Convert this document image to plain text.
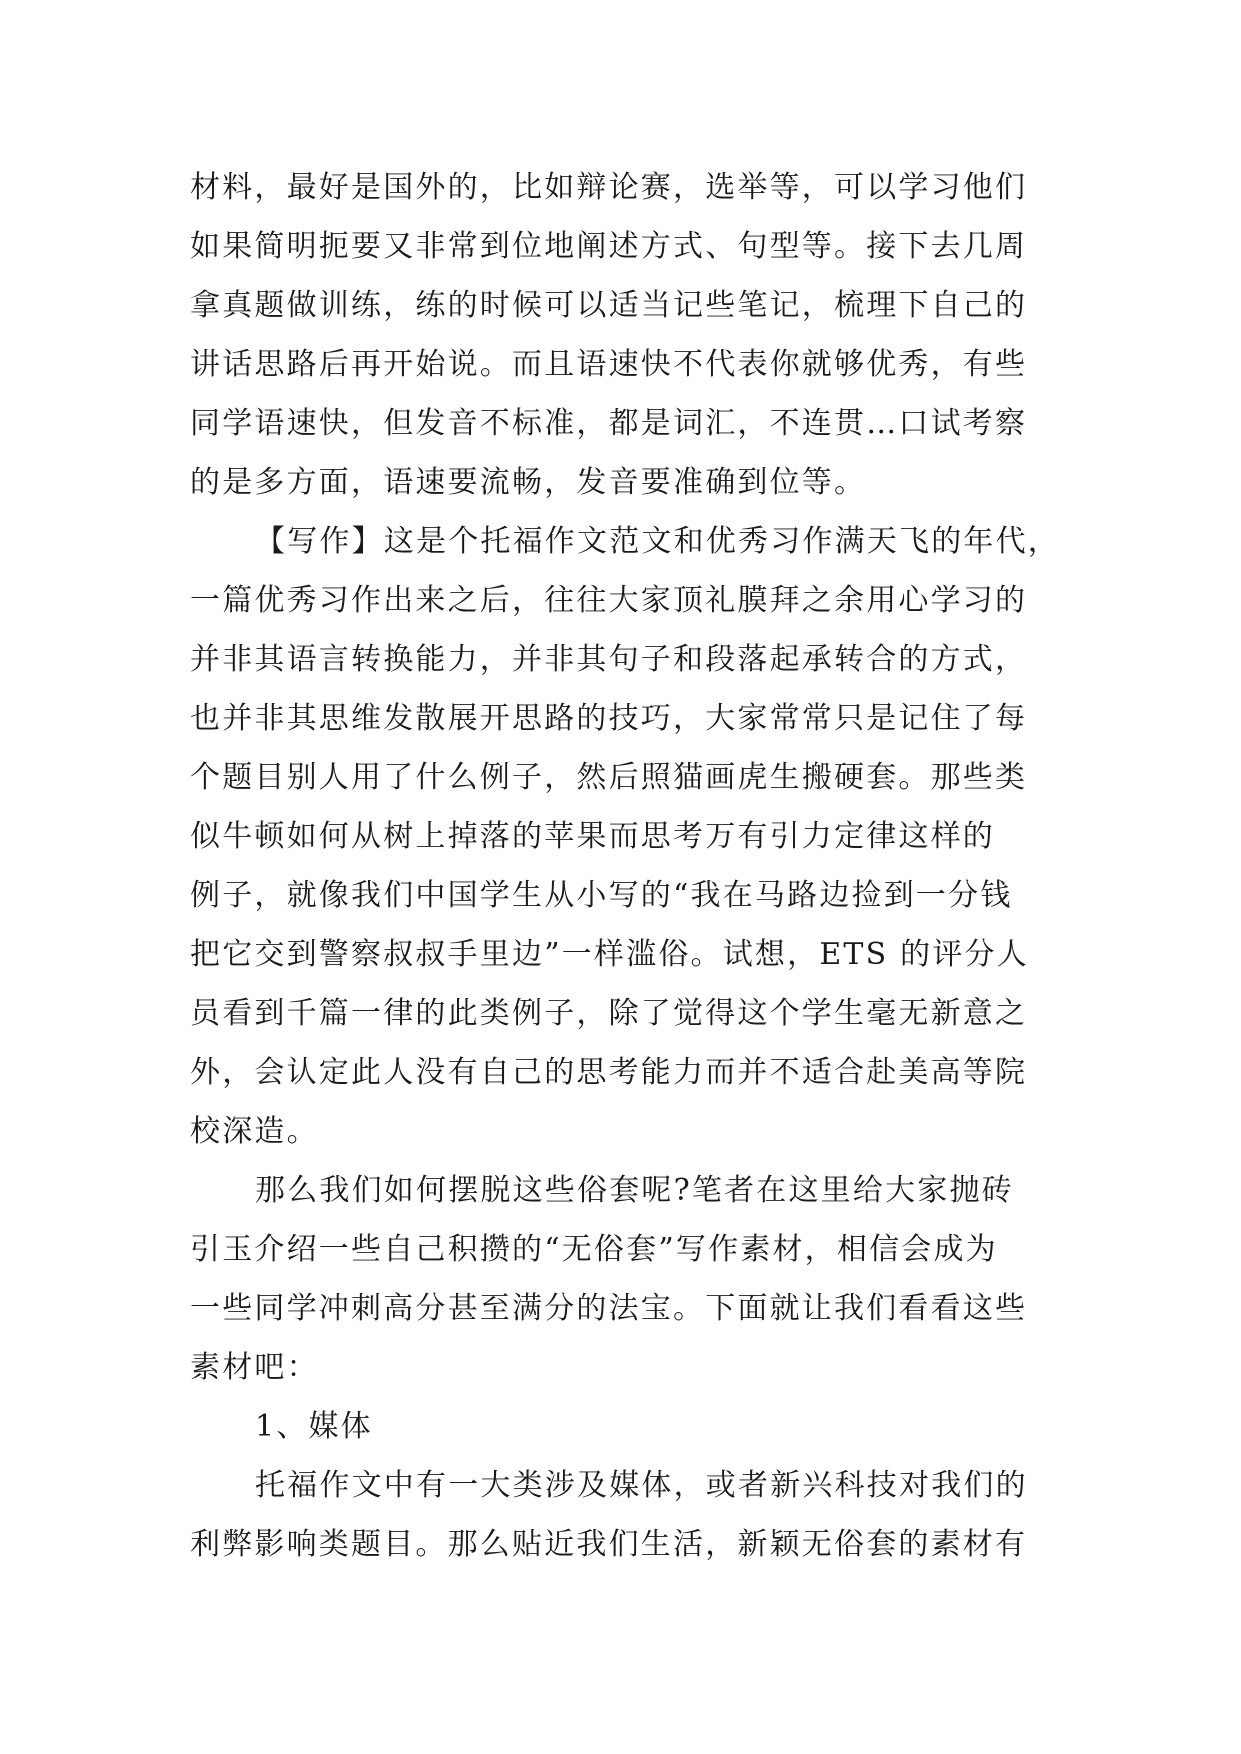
材料，最好是国外的，比如辩论赛，选举等，可以学习他们
如果简明扼要又非常到位地阐述方式、句型等。接下去几周
拿真题做训练，练的时候可以适当记些笔记，梳理下自己的
讲话思路后再开始说。而且语速快不代表你就够优秀，有些
同学语速快，但发音不标准，都是词汇，不连贯…口试考察
的是多方面，语速要流畅，发音要准确到位等。
【写作】这是个托福作文范文和优秀习作满天飞的年代，
一篇优秀习作出来之后，往往大家顶礼膜拜之余用心学习的
并非其语言转换能力，并非其句子和段落起承转合的方式，
也并非其思维发散展开思路的技巧，大家常常只是记住了每
个题目别人用了什么例子，然后照猫画虎生搬硬套。那些类
似牛顿如何从树上掉落的苹果而思考万有引力定律这样的
例子，就像我们中国学生从小写的“我在马路边捡到一分钱
把它交到警察叔叔手里边”一样滥俗。试想，ETS 的评分人
员看到千篇一律的此类例子，除了觉得这个学生毫无新意之
外，会认定此人没有自己的思考能力而并不适合赴美高等院
校深造。
那么我们如何摆脱这些俗套呢?笔者在这里给大家抛砖
引玉介绍一些自己积攒的“无俗套”写作素材，相信会成为
一些同学冲刺高分甚至满分的法宝。下面就让我们看看这些
素材吧：
1、媒体
托福作文中有一大类涉及媒体，或者新兴科技对我们的
利弊影响类题目。那么贴近我们生活，新颖无俗套的素材有
